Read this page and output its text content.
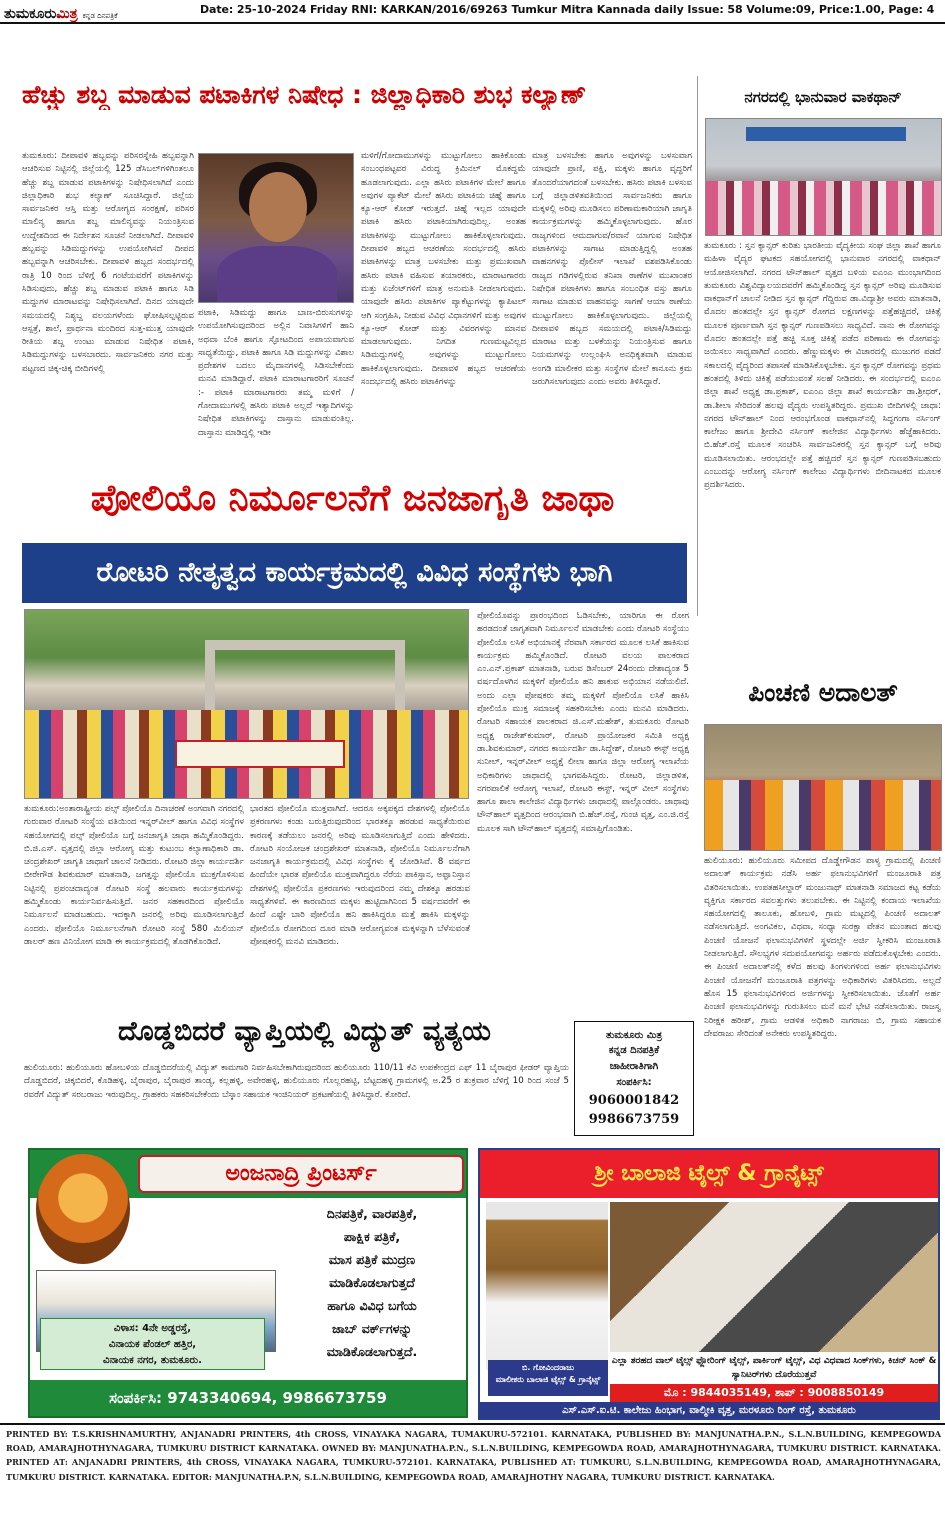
ತುಮಕೂರುಮಿತ್ರ ಕನ್ನಡ ದಿನಪತ್ರಿಕೆ	Date: 25-10-2024 Friday RNI: KARKAN/2016/69263 Tumkur Mitra Kannada daily Issue: 58 Volume:09, Price:1.00, Page: 4
ಹೆಚ್ಚು ಶಬ್ದ ಮಾಡುವ ಪಟಾಕಿಗಳ ನಿಷೇಧ : ಜಿಲ್ಲಾಧಿಕಾರಿ ಶುಭ ಕಲ್ಯಾಣ್
ತುಮಕೂರು: ದೀಪಾವಳಿ ಹಬ್ಬವನ್ನು ಪರಿಸರಸ್ನೇಹಿ ಹಬ್ಬವನ್ನಾಗಿ ಆಚರಿಸುವ ನಿಟ್ಟಿನಲ್ಲಿ ಜಿಲ್ಲೆಯಲ್ಲಿ 125 ಡೆಸಿಬಲ್‌ಗಳಿಗಿಂತಲೂ ಹೆಚ್ಚು ಶಬ್ದ ಮಾಡುವ ಪಟಾಕಿಗಳನ್ನು ನಿಷೇಧಿಸಲಾಗಿದೆ ಎಂದು ಜಿಲ್ಲಾಧಿಕಾರಿ ಶುಭ ಕಲ್ಯಾಣ್ ಸೂಚಿಸಿದ್ದಾರೆ. ಜಿಲ್ಲೆಯ ಸಾರ್ವಜನಿಕರ ಆಸ್ತಿ ಮತ್ತು ಆರೋಗ್ಯದ ಸಂರಕ್ಷಣೆ, ಪರಿಸರ ಮಾಲಿನ್ಯ ಹಾಗೂ ಶಬ್ದ ಮಾಲಿನ್ಯವನ್ನು ನಿಯಂತ್ರಿಸುವ ಉದ್ದೇಶದಿಂದ ಈ ನಿರ್ದೇಶನ ಸೂಚನೆ ನೀಡಲಾಗಿದೆ. ದೀಪಾವಳಿ ಹಬ್ಬವನ್ನು ಸಿಡಿಮದ್ದುಗಳನ್ನು ಉಪಯೋಗಿಸದೆ ದೀಪದ ಹಬ್ಬವನ್ನಾಗಿ ಆಚರಿಸಬೇಕು. ದೀಪಾವಳಿ ಹಬ್ಬದ ಸಂದರ್ಭದಲ್ಲಿ ರಾತ್ರಿ 10 ರಿಂದ ಬೆಳಿಗ್ಗೆ 6 ಗಂಟೆಯವರೆಗೆ ಪಟಾಕಿಗಳನ್ನು ಸಿಡಿಸುವುದು, ಹೆಚ್ಚು ಶಬ್ದ ಮಾಡುವ ಪಟಾಕಿ ಹಾಗೂ ಸಿಡಿ ಮದ್ದುಗಳ ಮಾರಾಟವನ್ನು ನಿಷೇಧಿಸಲಾಗಿದೆ. ದಿನದ ಯಾವುದೇ ಸಮಯದಲ್ಲಿ ನಿಶ್ಯಬ್ದ ವಲಯಗಳೆಂದು ಘೋಷಿಸಲ್ಪಟ್ಟಿರುವ ಆಸ್ಪತ್ರೆ, ಶಾಲೆ, ಪ್ರಾರ್ಥನಾ ಮಂದಿರದ ಸುತ್ತ-ಮುತ್ತ ಯಾವುದೇ ರೀತಿಯ ಶಬ್ದ ಉಂಟು ಮಾಡುವ ನಿಷೇಧಿತ ಪಟಾಕಿ, ಸಿಡಿಮದ್ದುಗಳನ್ನು ಬಳಸಬಾರದು. ಸಾರ್ವಜನಿಕರು ನಗರ ಮತ್ತು ಪಟ್ಟಣದ ಚಿಕ್ಕ-ಚಿಕ್ಕ ಬೀದಿಗಳಲ್ಲಿ
ಪಟಾಕಿ, ಸಿಡಿಮದ್ದು ಹಾಗೂ ಬಾಣ-ಬಿರುಸುಗಳನ್ನು ಉಪಯೋಗಿಸುವುದರಿಂದ ಅಲ್ಲಿನ ನಿವಾಸಿಗಳಿಗೆ ಹಾನಿ ಅಥವಾ ಬೆಂಕಿ ಹಾಗೂ ಸ್ಫೋಟದಿಂದ ಅಪಾಯವಾಗುವ ಸಾಧ್ಯತೆಯಿದ್ದು, ಪಟಾಕಿ ಹಾಗೂ ಸಿಡಿ ಮದ್ದುಗಳನ್ನು ವಿಶಾಲ ಪ್ರದೇಶಗಳ ಬದಲು ಮೈದಾನಗಳಲ್ಲಿ ಸಿಡಿಸಬೇಕೆಂದು ಮನವಿ ಮಾಡಿದ್ದಾರೆ. ಪಟಾಕಿ ಮಾರಾಟಗಾರರಿಗೆ ಸೂಚನೆ :- ಪಟಾಕಿ ಮಾರಾಟಗಾರರು ತಮ್ಮ ಮಳಿಗೆ / ಗೋದಾಮುಗಳಲ್ಲಿ ಹಸಿರು ಪಟಾಕಿ ಅಲ್ಲದೆ ಇತ್ಯಾದಿಗಳನ್ನು ನಿಷೇಧಿತ ಪಟಾಕಿಗಳನ್ನು ದಾಸ್ತಾನು ಮಾಡುವಂತಿಲ್ಲ. ದಾಸ್ತಾನು ಮಾಡಿದ್ದಲ್ಲಿ ಇಡೀ
ಮಳಿಗೆ/ಗೋದಾಮುಗಳನ್ನು ಮುಟ್ಟುಗೋಲು ಹಾಕಿಕೊಂಡು ಸಂಬಂಧಪಟ್ಟವರ ವಿರುದ್ಧ ಕ್ರಿಮಿನಲ್ ಮೊಕದ್ದಮೆ ಹೂಡಲಾಗುವುದು. ಎಲ್ಲಾ ಹಸಿರು ಪಟಾಕಿಗಳ ಮೇಲೆ ಹಾಗೂ ಅವುಗಳ ಪ್ಯಾಕೆಟ್ ಮೇಲೆ ಹಸಿರು ಪಟಾಕಿಯ ಚಿಹ್ನೆ ಹಾಗೂ ಕ್ಯೂ-ಆರ್ ಕೋಡ್ ಇರುತ್ತದೆ. ಚಿಹ್ನೆ ಇಲ್ಲದ ಯಾವುದೇ ಪಟಾಕಿ ಹಸಿರು ಪಟಾಕಿಯಾಗಿರುವುದಿಲ್ಲ. ಅಂತಹ ಪಟಾಕಿಗಳನ್ನು ಮುಟ್ಟುಗೋಲು ಹಾಕಿಕೊಳ್ಳಲಾಗುವುದು. ದೀಪಾವಳಿ ಹಬ್ಬದ ಆಚರಣೆಯ ಸಂದರ್ಭದಲ್ಲಿ ಹಸಿರು ಪಟಾಕಿಗಳನ್ನು ಮಾತ್ರ ಬಳಸಬೇಕು ಮತ್ತು ಪ್ರಮುಖವಾಗಿ ಹಸಿರು ಪಟಾಕಿ ವಹಿಸುವ ತಯಾರಕರು, ಮಾರಾಟಗಾರರು ಮತ್ತು ಏಜೆಂಟ್‌ಗಳಿಗೆ ಮಾತ್ರ ಅನುಮತಿ ನೀಡಲಾಗುವುದು. ಯಾವುದೇ ಹಸಿರು ಪಟಾಕಿಗಳ ಪ್ಯಾಕೆಟ್ಟುಗಳನ್ನು ಕ್ಯಾಪಿಟಲ್ ಆಗಿ ಸಂಗ್ರಹಿಸಿ, ನೀಡುವ ವಿವಿಧ ವಿಧಾನಗಳಿಗೆ ಮತ್ತು ಅವುಗಳ ಕ್ಯೂ-ಆರ್ ಕೋಡ್ ಮತ್ತು ವಿವರಗಳನ್ನು ಮಾನವ ಮಾಡಲಾಗುವುದು. ನಿಗದಿತ ಗುಣಮಟ್ಟವಿಲ್ಲದ ಸಿಡಿಮದ್ದುಗಳಲ್ಲಿ ಅವುಗಳನ್ನು ಮುಟ್ಟುಗೋಲು ಹಾಕಿಕೊಳ್ಳಲಾಗುವುದು. ದೀಪಾವಳಿ ಹಬ್ಬದ ಆಚರಣೆಯ ಸಂದರ್ಭದಲ್ಲಿ ಹಸಿರು ಪಟಾಕಿಗಳನ್ನು
ಮಾತ್ರ ಬಳಸಬೇಕು ಹಾಗೂ ಅವುಗಳನ್ನು ಬಳಸುವಾಗ ಯಾವುದೇ ಪ್ರಾಣಿ, ಪಕ್ಷಿ, ಮಕ್ಕಳು ಹಾಗೂ ವೃದ್ಧರಿಗೆ ತೊಂದರೆಯಾಗದಂತೆ ಬಳಸಬೇಕು. ಹಸಿರು ಪಟಾಕಿ ಬಳಸುವ ಬಗ್ಗೆ ಜಿಲ್ಲಾಡಳಿತವತಿಯಿಂದ ಸಾರ್ವಜನಿಕರು ಹಾಗೂ ಮಕ್ಕಳಲ್ಲಿ ಅರಿವು ಮೂಡಿಸಲು ಪರಿಣಾಮಕಾರಿಯಾಗಿ ಜಾಗೃತಿ ಕಾರ್ಯಕ್ರಮಗಳನ್ನು ಹಮ್ಮಿಕೊಳ್ಳಲಾಗುವುದು. ಹೊರ ರಾಜ್ಯಗಳಿಂದ ಆಮದಾಗುವ/ರವಾನೆ ಯಾಗುವ ನಿಷೇಧಿತ ಪಟಾಕಿಗಳನ್ನು ಸಾಗಾಟ ಮಾಡುತ್ತಿದ್ದಲ್ಲಿ ಅಂತಹ ವಾಹನಗಳನ್ನು ಪೊಲೀಸ್ ಇಲಾಖೆ ವಶಪಡಿಸಿಕೊಂಡು ರಾಜ್ಯದ ಗಡಿಗಳಲ್ಲಿರುವ ತನಿಖಾ ಠಾಣೆಗಳ ಮುಖಾಂತರ ನಿಷೇಧಿತ ಪಟಾಕಿಗಳು ಹಾಗೂ ಸಂಬಂಧಿತ ವಸ್ತು ಹಾಗೂ ಸಾಗಾಟ ಮಾಡುವ ವಾಹನವನ್ನು ಸಾಗಣೆ ಆಯಾ ಠಾಣೆಯ ಮುಟ್ಟುಗೋಲು ಹಾಕಿಕೊಳ್ಳಲಾಗುವುದು. ಜಿಲ್ಲೆಯಲ್ಲಿ ದೀಪಾವಳಿ ಹಬ್ಬದ ಸಮಯದಲ್ಲಿ ಪಟಾಕಿ/ಸಿಡಿಮದ್ದು ಮಾರಾಟ ಮತ್ತು ಬಳಕೆಯನ್ನು ನಿಯಂತ್ರಿಸುವ ಹಾಗೂ ನಿಯಮಗಳನ್ನು ಉಲ್ಲಂಘಿಸಿ ಅನಧಿಕೃತವಾಗಿ ಮಾಡುವ ಅಂಗಡಿ ಮಾಲೀಕರ ಮತ್ತು ಸಂಸ್ಥೆಗಳ ಮೇಲೆ ಕಾನೂನು ಕ್ರಮ ಜರುಗಿಸಲಾಗುವುದು ಎಂದು ಅವರು ತಿಳಿಸಿದ್ದಾರೆ.
ನಗರದಲ್ಲಿ ಭಾನುವಾರ ವಾಕಥಾನ್
ತುಮಕೂರು : ಸ್ತನ ಕ್ಯಾನ್ಸರ್ ಕುರಿತು ಭಾರತೀಯ ವೈದ್ಯಕೀಯ ಸಂಘ ಜಿಲ್ಲಾ ಶಾಖೆ ಹಾಗೂ ಮಹಿಳಾ ವೈದ್ಯರ ಘಟಕದ ಸಹಯೋಗದಲ್ಲಿ ಭಾನುವಾರ ನಗರದಲ್ಲಿ ವಾಕಥಾನ್ ಆಯೋಜಿಸಲಾಗಿದೆ. ನಗರದ ಟೌನ್‌ಹಾಲ್ ವೃತ್ತದ ಬಳಿಯ ಐಎಂಎ ಮುಂಭಾಗದಿಂದ ತುಮಕೂರು ವಿಶ್ವವಿದ್ಯಾಲಯದವರೆಗೆ ಹಮ್ಮಿಕೊಂಡಿದ್ದ ಸ್ತನ ಕ್ಯಾನ್ಸರ್ ಅರಿವು ಮೂಡಿಸುವ ವಾಕಥಾನ್‌ಗೆ ಚಾಲನೆ ನೀಡಿದ ಸ್ತನ ಕ್ಯಾನ್ಸರ್ ಗೆದ್ದಿರುವ ಡಾ.ವಿದ್ಯಾಶ್ರೀ ಅವರು ಮಾತನಾಡಿ, ಮೊದಲ ಹಂತದಲ್ಲೇ ಸ್ತನ ಕ್ಯಾನ್ಸರ್ ರೋಗದ ಲಕ್ಷಣಗಳನ್ನು ಪತ್ತೆಹಚ್ಚಿದರೆ, ಚಿಕಿತ್ಸೆ ಮೂಲಕ ಪೂರ್ಣವಾಗಿ ಸ್ತನ ಕ್ಯಾನ್ಸರ್ ಗುಣಪಡಿಸಲು ಸಾಧ್ಯವಿದೆ. ನಾನು ಈ ರೋಗವನ್ನು ಮೊದಲ ಹಂತದಲ್ಲೇ ಪತ್ತೆ ಹಚ್ಚಿ ಸೂಕ್ತ ಚಿಕಿತ್ಸೆ ಪಡೆದ ಪರಿಣಾಮ ಈ ರೋಗವನ್ನು ಜಯಿಸಲು ಸಾಧ್ಯವಾಗಿದೆ ಎಂದರು. ಹೆಣ್ಣುಮಕ್ಕಳು ಈ ವಿಚಾರದಲ್ಲಿ ಮುಜುಗರ ಪಡದೆ ಸಕಾಲದಲ್ಲಿ ವೈದ್ಯರಿಂದ ತಪಾಸಣೆ ಮಾಡಿಸಿಕೊಳ್ಳಬೇಕು. ಸ್ತನ ಕ್ಯಾನ್ಸರ್ ರೋಗವನ್ನು ಪ್ರಥಮ ಹಂತದಲ್ಲಿ ತಿಳಿದು ಚಿಕಿತ್ಸೆ ಪಡೆಯುವಂತೆ ಸಲಹೆ ನೀಡಿದರು. ಈ ಸಂದರ್ಭದಲ್ಲಿ ಐಎಂಎ ಜಿಲ್ಲಾ ಶಾಖೆ ಅಧ್ಯಕ್ಷ ಡಾ.ಪ್ರಕಾಶ್, ಐಎಂಎ ಜಿಲ್ಲಾ ಶಾಖೆ ಕಾರ್ಯದರ್ಶಿ ಡಾ.ಶ್ರೀಧರ್, ಡಾ.ಶೀಲಾ ಸೇರಿದಂತೆ ಹಲವು ವೈದ್ಯರು ಉಪಸ್ಥಿತರಿದ್ದರು. ಪ್ರಮುಖ ಬೀದಿಗಳಲ್ಲಿ ಜಾಥಾ: ನಗರದ ಟೌನ್‌ಹಾಲ್ ನಿಂದ ಆರಂಭಗೊಂಡ ವಾಕಥಾನ್‌ನಲ್ಲಿ ಸಿದ್ಧಗಂಗಾ ನರ್ಸಿಂಗ್ ಕಾಲೇಜು ಹಾಗೂ ಶ್ರೀದೇವಿ ನರ್ಸಿಂಗ್ ಕಾಲೇಜಿನ ವಿದ್ಯಾರ್ಥಿಗಳು ಹೆಜ್ಜೆಹಾಕಿದರು. ಬಿ.ಹೆಚ್.ರಸ್ತೆ ಮೂಲಕ ಸಂಚರಿಸಿ ಸಾರ್ವಜನಿಕರಲ್ಲಿ ಸ್ತನ ಕ್ಯಾನ್ಸರ್ ಬಗ್ಗೆ ಅರಿವು ಮೂಡಿಸಲಾಯಿತು. ಆರಂಭದಲ್ಲೇ ಪತ್ತೆ ಹಚ್ಚಿದರೆ ಸ್ತನ ಕ್ಯಾನ್ಸರ್ ಗುಣಪಡಿಸಬಹುದು ಎಂಬುದನ್ನು ಆರೋಗ್ಯ ನರ್ಸಿಂಗ್ ಕಾಲೇಜು ವಿದ್ಯಾರ್ಥಿಗಳು ಬೀದಿನಾಟಕದ ಮೂಲಕ ಪ್ರದರ್ಶಿಸಿದರು.
ಪೋಲಿಯೊ ನಿರ್ಮೂಲನೆಗೆ ಜನಜಾಗೃತಿ ಜಾಥಾ
ರೋಟರಿ ನೇತೃತ್ವದ ಕಾರ್ಯಕ್ರಮದಲ್ಲಿ ವಿವಿಧ ಸಂಸ್ಥೆಗಳು ಭಾಗಿ
ಪೋಲಿಯೊವನ್ನು ಪ್ರಾರಂಭದಿಂದ ಓಡಿಸಬೇಕು, ಯಾರಿಗೂ ಈ ರೋಗ ಹರಡದಂತೆ ಜಾಗೃತವಾಗಿ ನಿರ್ಮೂಲನೆ ಮಾಡಬೇಕು ಎಂದು ರೋಟರಿ ಸಂಸ್ಥೆಯು ಪೋಲಿಯೊ ಲಸಿಕೆ ಅಭಿಯಾನಕ್ಕೆ ನೆರವಾಗಿ ಸರ್ಕಾರದ ಮೂಲಕ ಲಸಿಕೆ ಹಾಕಿಸುವ ಕಾರ್ಯಕ್ರಮ ಹಮ್ಮಿಕೊಂಡಿದೆ. ರೋಟರಿ ವಲಯ ಪಾಲಕರಾದ ಎಂ.ಎನ್.ಪ್ರಕಾಶ್ ಮಾತನಾಡಿ, ಬರುವ ಡಿಸೆಂಬರ್ 24ರಂದು ದೇಶಾದ್ಯಂತ 5 ವರ್ಷದೊಳಗಿನ ಮಕ್ಕಳಿಗೆ ಪೋಲಿಯೊ ಹನಿ ಹಾಕುವ ಅಭಿಯಾನ ನಡೆಯಲಿದೆ. ಅಂದು ಎಲ್ಲಾ ಪೋಷಕರು ತಮ್ಮ ಮಕ್ಕಳಿಗೆ ಪೋಲಿಯೊ ಲಸಿಕೆ ಹಾಕಿಸಿ ಪೋಲಿಯೊ ಮುಕ್ತ ಸಮಾಜಕ್ಕೆ ಸಹಕರಿಸಬೇಕು ಎಂದು ಮನವಿ ಮಾಡಿದರು. ರೋಟರಿ ಸಹಾಯಕ ಪಾಲಕರಾದ ಜಿ.ಎಸ್.ಮಹೇಶ್, ತುಮಕೂರು ರೋಟರಿ ಅಧ್ಯಕ್ಷ ರಾಜೇಶ್‌ಕುಮಾರ್, ರೋಟರಿ ಪ್ರಾಯೋಜಕರ ಸಮಿತಿ ಅಧ್ಯಕ್ಷ ಡಾ.ಶಿವಕುಮಾರ್, ನಗರದ ಕಾರ್ಯದರ್ಶಿ ಡಾ.ಸಿದ್ದೇಶ್, ರೋಟರಿ ಈಸ್ಟ್ ಅಧ್ಯಕ್ಷ ಸುನೀಲ್, ಇನ್ನರ್‌ವೀಲ್ ಅಧ್ಯಕ್ಷೆ ಲೀಲಾ ಹಾಗೂ ಜಿಲ್ಲಾ ಆರೋಗ್ಯ ಇಲಾಖೆಯ ಅಧಿಕಾರಿಗಳು ಜಾಥಾದಲ್ಲಿ ಭಾಗವಹಿಸಿದ್ದರು. ರೋಟರಿ, ಜಿಲ್ಲಾಡಳಿತ, ನಗರಪಾಲಿಕೆ ಆರೋಗ್ಯ ಇಲಾಖೆ, ರೋಟರಿ ಈಸ್ಟ್, ಇನ್ನರ್ ವೀಲ್ ಸಂಸ್ಥೆಗಳು ಹಾಗೂ ಶಾಲಾ ಕಾಲೇಜಿನ ವಿದ್ಯಾರ್ಥಿಗಳು ಜಾಥಾದಲ್ಲಿ ಪಾಲ್ಗೊಂಡರು. ಜಾಥಾವು ಟೌನ್‌ಹಾಲ್ ವೃತ್ತದಿಂದ ಆರಂಭವಾಗಿ ಬಿ.ಹೆಚ್.ರಸ್ತೆ, ಗುಂಚಿ ವೃತ್ತ, ಎಂ.ಜಿ.ರಸ್ತೆ ಮೂಲಕ ಸಾಗಿ ಟೌನ್‌ಹಾಲ್ ವೃತ್ತದಲ್ಲಿ ಸಮಾಪ್ತಿಗೊಂಡಿತು.
ತುಮಕೂರು:ಅಂತಾರಾಷ್ಟ್ರೀಯ ಪಲ್ಸ್ ಪೋಲಿಯೊ ದಿನಾಚರಣೆ ಅಂಗವಾಗಿ ನಗರದಲ್ಲಿ ಗುರುವಾರ ರೋಟರಿ ಸಂಸ್ಥೆಯ ವತಿಯಿಂದ ಇನ್ನರ್‌ವೀಲ್ ಹಾಗೂ ವಿವಿಧ ಸಂಸ್ಥೆಗಳ ಸಹಯೋಗದಲ್ಲಿ ಪಲ್ಸ್ ಪೋಲಿಯೊ ಬಗ್ಗೆ ಜನಜಾಗೃತಿ ಜಾಥಾ ಹಮ್ಮಿಕೊಂಡಿದ್ದರು. ಬಿ.ಜಿ.ಎಸ್. ವೃತ್ತದಲ್ಲಿ ಜಿಲ್ಲಾ ಆರೋಗ್ಯ ಮತ್ತು ಕುಟುಂಬ ಕಲ್ಯಾಣಾಧಿಕಾರಿ ಡಾ. ಚಂದ್ರಶೇಖರ್ ಜಾಗೃತಿ ಜಾಥಾಗೆ ಚಾಲನೆ ನೀಡಿದರು. ರೋಟರಿ ಜಿಲ್ಲಾ ಕಾರ್ಯದರ್ಶಿ ಬೀರೇಗೌಡ ಶಿವಕುಮಾರ್ ಮಾತನಾಡಿ, ಜಗತ್ತನ್ನು ಪೋಲಿಯೊ ಮುಕ್ತಗೊಳಿಸುವ ನಿಟ್ಟಿನಲ್ಲಿ ಪ್ರಪಂಚದಾದ್ಯಂತ ರೋಟರಿ ಸಂಸ್ಥೆ ಹಲವಾರು ಕಾರ್ಯಕ್ರಮಗಳನ್ನು ಹಮ್ಮಿಕೊಂಡು ಕಾರ್ಯನಿರ್ವಹಿಸುತ್ತಿದೆ. ಜನರ ಸಹಕಾರದಿಂದ ಪೋಲಿಯೊ ನಿರ್ಮೂಲನೆ ಮಾಡಬಹುದು. ಇದಕ್ಕಾಗಿ ಜನರಲ್ಲಿ ಅರಿವು ಮೂಡಿಸಲಾಗುತ್ತಿದೆ ಎಂದರು. ಪೋಲಿಯೊ ನಿರ್ಮೂಲನೆಗಾಗಿ ರೋಟರಿ ಸಂಸ್ಥೆ 580 ಮಿಲಿಯನ್ ಡಾಲರ್ ಹಣ ವಿನಿಯೋಗ ಮಾಡಿ ಈ ಕಾರ್ಯಕ್ರಮದಲ್ಲಿ ತೊಡಗಿಕೊಂಡಿದೆ.
ಭಾರತದ ಪೋಲಿಯೊ ಮುಕ್ತವಾಗಿದೆ. ಆದರೂ ಅಕ್ಕಪಕ್ಕದ ದೇಶಗಳಲ್ಲಿ ಪೋಲಿಯೊ ಪ್ರಕರಣಗಳು ಕಂಡು ಬರುತ್ತಿರುವುದರಿಂದ ಭಾರತಕ್ಕೂ ಹರಡುವ ಸಾಧ್ಯತೆಯಿರುವ ಕಾರಣಕ್ಕೆ ತಡೆಯಲು ಜನರಲ್ಲಿ ಅರಿವು ಮೂಡಿಸಲಾಗುತ್ತಿದೆ ಎಂದು ಹೇಳಿದರು. ರೋಟರಿ ಸಂಯೋಜಕ ಚಂದ್ರಶೇಖರ್ ಮಾತನಾಡಿ, ಪೋಲಿಯೊ ನಿರ್ಮೂಲನೆಗಾಗಿ ಜನಜಾಗೃತಿ ಕಾರ್ಯಕ್ರಮದಲ್ಲಿ ವಿವಿಧ ಸಂಸ್ಥೆಗಳು ಕೈ ಜೋಡಿಸಿವೆ. 8 ವರ್ಷದ ಹಿಂದೆಯೇ ಭಾರತ ಪೋಲಿಯೊ ಮುಕ್ತವಾಗಿದ್ದರೂ ನೆರೆಯ ಪಾಕಿಸ್ತಾನ, ಅಫ್ಘಾನಿಸ್ತಾನ ದೇಶಗಳಲ್ಲಿ ಪೋಲಿಯೊ ಪ್ರಕರಣಗಳು ಇರುವುದರಿಂದ ನಮ್ಮ ದೇಶಕ್ಕೂ ಹರಡುವ ಸಾಧ್ಯತೆಗಳಿವೆ. ಈ ಕಾರಣದಿಂದ ಮಕ್ಕಳು ಹುಟ್ಟಿದಾಗಿನಿಂದ 5 ವರ್ಷದವರೆಗೆ ಈ ಹಿಂದೆ ಎಷ್ಟೇ ಬಾರಿ ಪೋಲಿಯೊ ಹನಿ ಹಾಕಿಸಿದ್ದರೂ ಮತ್ತೆ ಹಾಕಿಸಿ ಮಕ್ಕಳನ್ನು ಪೋಲಿಯೊ ರೋಗದಿಂದ ದೂರ ಮಾಡಿ ಆರೋಗ್ಯವಂತ ಮಕ್ಕಳನ್ನಾಗಿ ಬೆಳೆಸುವಂತೆ ಪೋಷಕರಲ್ಲಿ ಮನವಿ ಮಾಡಿದರು.
ಪಿಂಚಣಿ ಅದಾಲತ್
ಹುಲಿಯೂರು: ಹುಲಿಯೂರು ಸಮೀಪದ ದೊಡ್ಡೇಗೌಡನ ಪಾಳ್ಯ ಗ್ರಾಮದಲ್ಲಿ ಪಿಂಚಣಿ ಅದಾಲತ್ ಕಾರ್ಯಕ್ರಮ ನಡೆಸಿ ಅರ್ಹ ಫಲಾನುಭವಿಗಳಿಗೆ ಮಂಜೂರಾತಿ ಪತ್ರ ವಿತರಿಸಲಾಯಿತು. ಉಪತಹಸೀಲ್ದಾರ್ ಮಂಜುನಾಥ್ ಮಾತನಾಡಿ ಸಮಾಜದ ಕಟ್ಟ ಕಡೆಯ ವ್ಯಕ್ತಿಗೂ ಸರ್ಕಾರದ ಸವಲತ್ತುಗಳು ತಲುಪಬೇಕು. ಈ ನಿಟ್ಟಿನಲ್ಲಿ ಕಂದಾಯ ಇಲಾಖೆಯ ಸಹಯೋಗದಲ್ಲಿ ತಾಲೂಕು, ಹೋಬಳಿ, ಗ್ರಾಮ ಮಟ್ಟದಲ್ಲಿ ಪಿಂಚಣಿ ಅದಾಲತ್ ನಡೆಸಲಾಗುತ್ತಿದೆ. ಅಂಗವಿಕಲ, ವಿಧವಾ, ಸಂಧ್ಯಾ ಸುರಕ್ಷಾ ವೇತನ ಮುಂತಾದ ಹಲವು ಪಿಂಚಣಿ ಯೋಜನೆ ಫಲಾನುಭವಿಗಳಿಗೆ ಸ್ಥಳದಲ್ಲೇ ಅರ್ಜಿ ಸ್ವೀಕರಿಸಿ ಮಂಜೂರಾತಿ ನೀಡಲಾಗುತ್ತಿದೆ. ಸೌಲಭ್ಯಗಳ ಸದುಪಯೋಗವನ್ನು ಅರ್ಹರು ಪಡೆದುಕೊಳ್ಳಬೇಕು ಎಂದರು. ಈ ಪಿಂಚಣಿ ಅದಾಲತ್‌ನಲ್ಲಿ ಕಳೆದ ಹಲವು ತಿಂಗಳುಗಳಿಂದ ಅರ್ಹ ಫಲಾನುಭವಿಗಳು ಪಿಂಚಣಿ ಯೋಜನೆಗೆ ಮಂಜೂರಾತಿ ಪತ್ರಗಳನ್ನು ಅಧಿಕಾರಿಗಳು ವಿತರಿಸಿದರು. ಅಲ್ಲದೆ ಹೊಸ 15 ಫಲಾನುಭವಿಗಳಿಂದ ಅರ್ಜಿಗಳನ್ನು ಸ್ವೀಕರಿಸಲಾಯಿತು. ಜೊತೆಗೆ ಅರ್ಹ ಪಿಂಚಣಿ ಫಲಾನುಭವಿಗಳನ್ನು ಗುರುತಿಸಲು ಮನೆ ಮನೆ ಭೇಟಿ ನಡೆಸಲಾಯಿತು. ರಾಜಸ್ವ ನಿರೀಕ್ಷಕ ಹರೀಶ್, ಗ್ರಾಮ ಆಡಳಿತ ಅಧಿಕಾರಿ ನಾಗರಾಜು ಬಿ, ಗ್ರಾಮ ಸಹಾಯಕ ದೇವರಾಜು ಸೇರಿದಂತೆ ಅನೇಕರು ಉಪಸ್ಥಿತರಿದ್ದರು.
ದೊಡ್ಡಬಿದರೆ ವ್ಯಾಪ್ತಿಯಲ್ಲಿ ವಿದ್ಯುತ್ ವ್ಯತ್ಯಯ
ಹುಲಿಯೂರು: ಹುಲಿಯೂರು ಹೋಬಳಿಯ ದೊಡ್ಡಬಿದರೆಯಲ್ಲಿ ವಿದ್ಯುತ್ ಕಾಮಗಾರಿ ನಿರ್ವಹಿಸಬೇಕಾಗಿರುವುದರಿಂದ ಹುಲಿಯೂರು 110/11 ಕೆವಿ ಉಪಕೇಂದ್ರದ ಎಫ್ 11 ಬೈರಾಪುರ ಫೀಡರ್ ವ್ಯಾಪ್ತಿಯ ದೊಡ್ಡಬಿದರೆ, ಚಿಕ್ಕಬಿದರೆ, ಕೊಡಿಹಳ್ಳಿ, ಬೈರಾಪುರ, ಬೈರಾಪುರ ತಾಂಡ್ಯ, ಕಲ್ಲಹಳ್ಳಿ, ಅವೇರಹಳ್ಳಿ, ಹುಲಿಯೂರು ಗೊಲ್ಲರಹಟ್ಟಿ, ಬೆಟ್ಟದಹಳ್ಳಿ ಗ್ರಾಮಗಳಲ್ಲಿ ಅ.25 ರ ಶುಕ್ರವಾರ ಬೆಳಿಗ್ಗೆ 10 ರಿಂದ ಸಂಜೆ 5 ರವರೆಗೆ ವಿದ್ಯುತ್ ಸರಬರಾಜು ಇರುವುದಿಲ್ಲ. ಗ್ರಾಹಕರು ಸಹಕರಿಸಬೇಕೆಂದು ಬೆಸ್ಕಾಂ ಸಹಾಯಕ ಇಂಜಿನಿಯರ್ ಪ್ರಕಟಣೆಯಲ್ಲಿ ತಿಳಿಸಿದ್ದಾರೆ. ಕೋರಿದೆ.
ತುಮಕೂರು ಮಿತ್ರ
ಕನ್ನಡ ದಿನಪತ್ರಿಕೆ
ಜಾಹೀರಾತಿಗಾಗಿ
ಸಂಪರ್ಕಿಸಿ:
9060001842
9986673759
ಅಂಜನಾದ್ರಿ ಪ್ರಿಂಟರ್ಸ್
ದಿನಪತ್ರಿಕೆ, ವಾರಪತ್ರಿಕೆ,
ಪಾಕ್ಷಿಕ ಪತ್ರಿಕೆ,
ಮಾಸ ಪತ್ರಿಕೆ ಮುದ್ರಣ
ಮಾಡಿಕೊಡಲಾಗುತ್ತದೆ
ಹಾಗೂ ವಿವಿಧ ಬಗೆಯ
ಜಾಬ್ ವರ್ಕ್‌ಗಳನ್ನು
ಮಾಡಿಕೊಡಲಾಗುತ್ತದೆ.
ವಿಳಾಸ: 4ನೇ ಅಡ್ಡರಸ್ತೆ,
ವಿನಾಯಕ ಪೆಂಡಲ್ ಹತ್ತಿರ,
ವಿನಾಯಕ ನಗರ, ತುಮಕೂರು.
ಸಂಪರ್ಕಿಸಿ: 9743340694, 9986673759
ಶ್ರೀ ಬಾಲಾಜಿ ಟೈಲ್ಸ್ & ಗ್ರಾನೈಟ್ಸ್
ಬಿ. ಗೋವಿಂದರಾಜು
ಮಾಲೀಕರು ಬಾಲಾಜಿ ಟೈಲ್ಸ್ & ಗ್ರಾನೈಟ್ಸ್
ಎಲ್ಲಾ ತರಹದ ವಾಲ್ ಟೈಲ್ಸ್ ಫ್ಲೋರಿಂಗ್ ಟೈಲ್ಸ್, ಪಾರ್ಕಿಂಗ್ ಟೈಲ್ಸ್, ವಿಧ ವಿಧವಾದ ಸಿಂಕ್‌ಗಳು, ಕಿಚನ್ ಸಿಂಕ್ & ಸ್ಯಾನಿಟರ್‌ಗಳು ದೊರೆಯುತ್ತವೆ
ಮೊ : 9844035149, ಶಾಪ್ : 9008850149
ಎಸ್.ಎಸ್.ಐ.ಟಿ. ಕಾಲೇಜು ಹಿಂಭಾಗ, ವಾಲ್ಮೀಕಿ ವೃತ್ತ, ಮರಳೂರು ರಿಂಗ್ ರಸ್ತೆ, ತುಮಕೂರು
PRINTED BY: T.S.KRISHNAMURTHY, ANJANADRI PRINTERS, 4th CROSS, VINAYAKA NAGARA, TUMAKURU-572101. KARNATAKA, PUBLISHED BY: MANJUNATHA.P.N., S.L.N.BUILDING, KEMPEGOWDA ROAD, AMARAJHOTHYNAGARA, TUMKURU DISTRICT KARNATAKA. OWNED BY: MANJUNATHA.P.N., S.L.N.BUILDING, KEMPEGOWDA ROAD, AMARAJHOTHYNAGARA, TUMKURU DISTRICT. KARNATAKA. PRINTED AT: ANJANADRI PRINTERS, 4th CROSS, VINAYAKA NAGARA, TUMKURU-572101. KARNATAKA, PUBLISHED AT: TUMKURU, S.L.N.BUILDING, KEMPEGOWDA ROAD, AMARAJHOTHYNAGARA, TUMKURU DISTRICT. KARNATAKA. EDITOR: MANJUNATHA.P.N, S.L.N.BUILDING, KEMPEGOWDA ROAD, AMARAJHOTHY NAGARA, TUMKURU DISTRICT. KARNATAKA.
